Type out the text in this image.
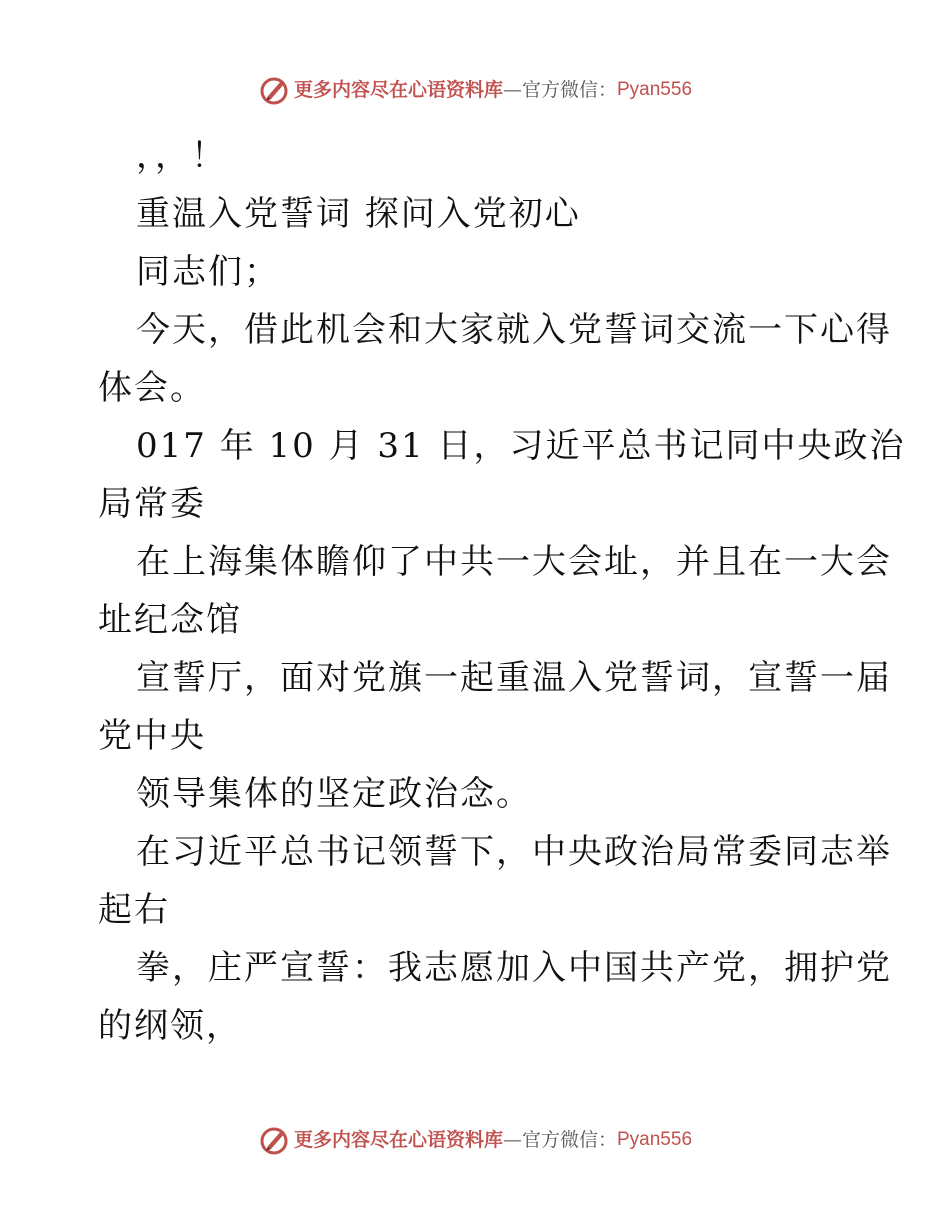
更多内容尽在心语资料库 — 官方微信： Pyan556
，，！
重温入党誓词 探问入党初心
同志们；
今天，借此机会和大家就入党誓词交流一下心得
体会。
017 年 10 月 31 日，习近平总书记同中央政治
局常委
在上海集体瞻仰了中共一大会址，并且在一大会
址纪念馆
宣誓厅，面对党旗一起重温入党誓词，宣誓一届
党中央
领导集体的坚定政治念。
在习近平总书记领誓下，中央政治局常委同志举
起右
拳，庄严宣誓：我志愿加入中国共产党，拥护党
的纲领，
更多内容尽在心语资料库 — 官方微信： Pyan556
